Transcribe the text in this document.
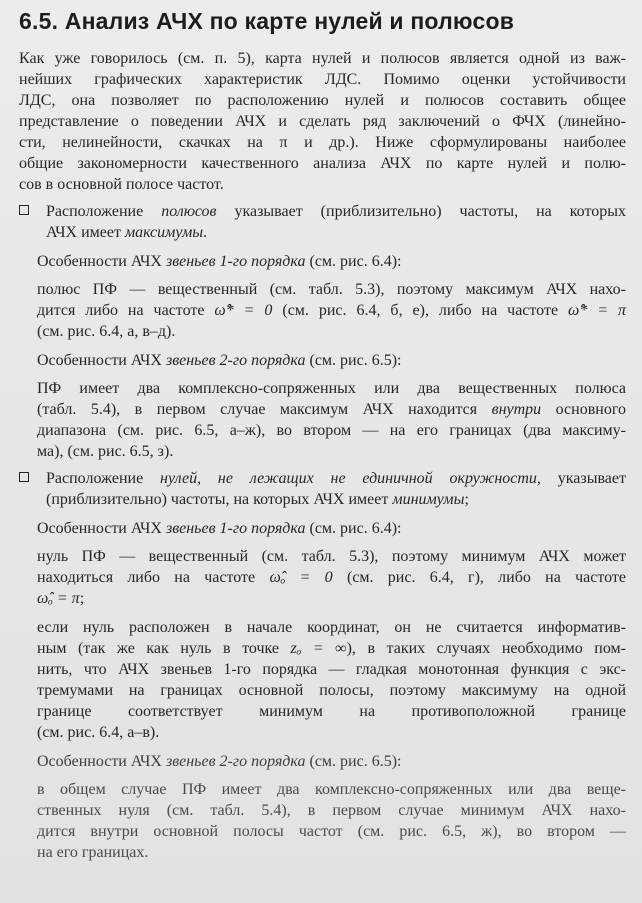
6.5. Анализ АЧХ по карте нулей и полюсов

Как уже говорилось (см. п. 5), карта нулей и полюсов является одной из важ-

нейших графических характеристик ЛДС. Помимо оценки устойчивости

ЛДС, она позволяет по расположению нулей и полюсов составить общее

представление о поведении АЧХ и сделать ряд заключений о ФЧХ (линейно-

сти, нелинейности, скачках на π и др.). Ниже сформулированы наиболее

общие закономерности качественного анализа АЧХ по карте нулей и полю-

сов в основной полосе частот.

Расположение полюсов указывает (приблизительно) частоты, на которых

АЧХ имеет максимумы.

Особенности АЧХ звеньев 1-го порядка (см. рис. 6.4):

полюс ПФ — вещественный (см. табл. 5.3), поэтому максимум АЧХ нахо-

дится либо на частоте ω̂* = 0 (см. рис. 6.4, б, е), либо на частоте ω̂* = π

(см. рис. 6.4, а, в–д).

Особенности АЧХ звеньев 2-го порядка (см. рис. 6.5):

ПФ имеет два комплексно-сопряженных или два вещественных полюса

(табл. 5.4), в первом случае максимум АЧХ находится внутри основного

диапазона (см. рис. 6.5, а–ж), во втором — на его границах (два максиму-

ма), (см. рис. 6.5, з).

Расположение нулей, не лежащих не единичной окружности, указывает

(приблизительно) частоты, на которых АЧХ имеет минимумы;

Особенности АЧХ звеньев 1-го порядка (см. рис. 6.4):

нуль ПФ — вещественный (см. табл. 5.3), поэтому минимум АЧХ может

находиться либо на частоте ω̂ₒ = 0 (см. рис. 6.4, г), либо на частоте

ω̂ₒ = π;

если нуль расположен в начале координат, он не считается информатив-

ным (так же как нуль в точке zₒ = ∞), в таких случаях необходимо пом-

нить, что АЧХ звеньев 1-го порядка — гладкая монотонная функция с экс-

тремумами на границах основной полосы, поэтому максимуму на одной

границе соответствует минимум на противоположной границе

(см. рис. 6.4, а–в).

Особенности АЧХ звеньев 2-го порядка (см. рис. 6.5):

в общем случае ПФ имеет два комплексно-сопряженных или два веще-

ственных нуля (см. табл. 5.4), в первом случае минимум АЧХ нахо-

дится внутри основной полосы частот (см. рис. 6.5, ж), во втором —

на его границах.
